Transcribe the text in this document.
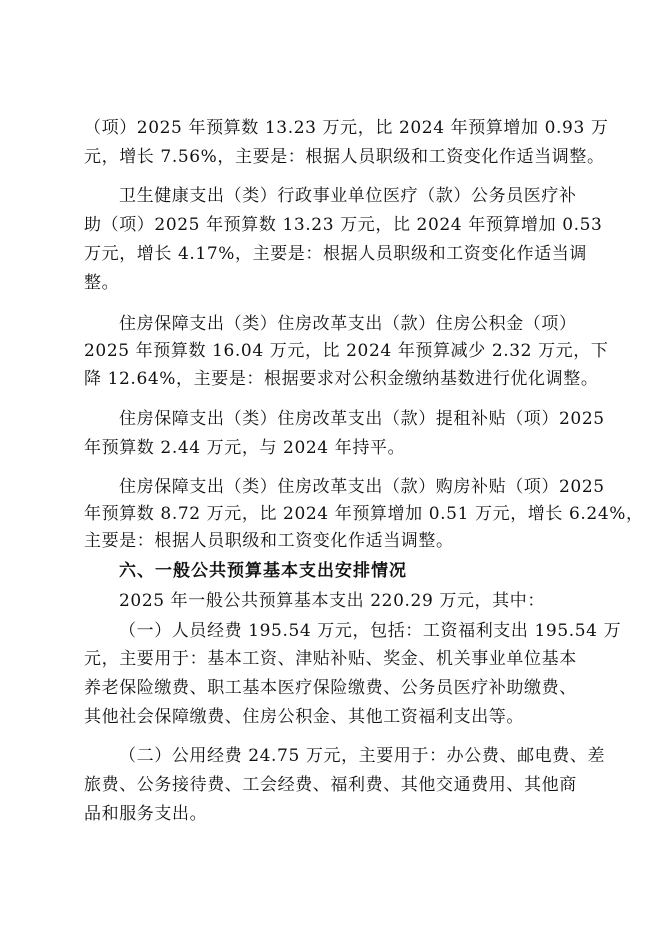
（项）2025 年预算数 13.23 万元，比 2024 年预算增加 0.93 万
元，增长 7.56%，主要是：根据人员职级和工资变化作适当调整。
卫生健康支出（类）行政事业单位医疗（款）公务员医疗补
助（项）2025 年预算数 13.23 万元，比 2024 年预算增加 0.53
万元，增长 4.17%，主要是：根据人员职级和工资变化作适当调
整。
住房保障支出（类）住房改革支出（款）住房公积金（项）
2025 年预算数 16.04 万元，比 2024 年预算减少 2.32 万元，下
降 12.64%，主要是：根据要求对公积金缴纳基数进行优化调整。
住房保障支出（类）住房改革支出（款）提租补贴（项）2025
年预算数 2.44 万元，与 2024 年持平。
住房保障支出（类）住房改革支出（款）购房补贴（项）2025
年预算数 8.72 万元，比 2024 年预算增加 0.51 万元，增长 6.24%，
主要是：根据人员职级和工资变化作适当调整。
六、一般公共预算基本支出安排情况
2025 年一般公共预算基本支出 220.29 万元，其中：
（一）人员经费 195.54 万元，包括：工资福利支出 195.54 万
元，主要用于：基本工资、津贴补贴、奖金、机关事业单位基本
养老保险缴费、职工基本医疗保险缴费、公务员医疗补助缴费、
其他社会保障缴费、住房公积金、其他工资福利支出等。
（二）公用经费 24.75 万元，主要用于：办公费、邮电费、差
旅费、公务接待费、工会经费、福利费、其他交通费用、其他商
品和服务支出。
